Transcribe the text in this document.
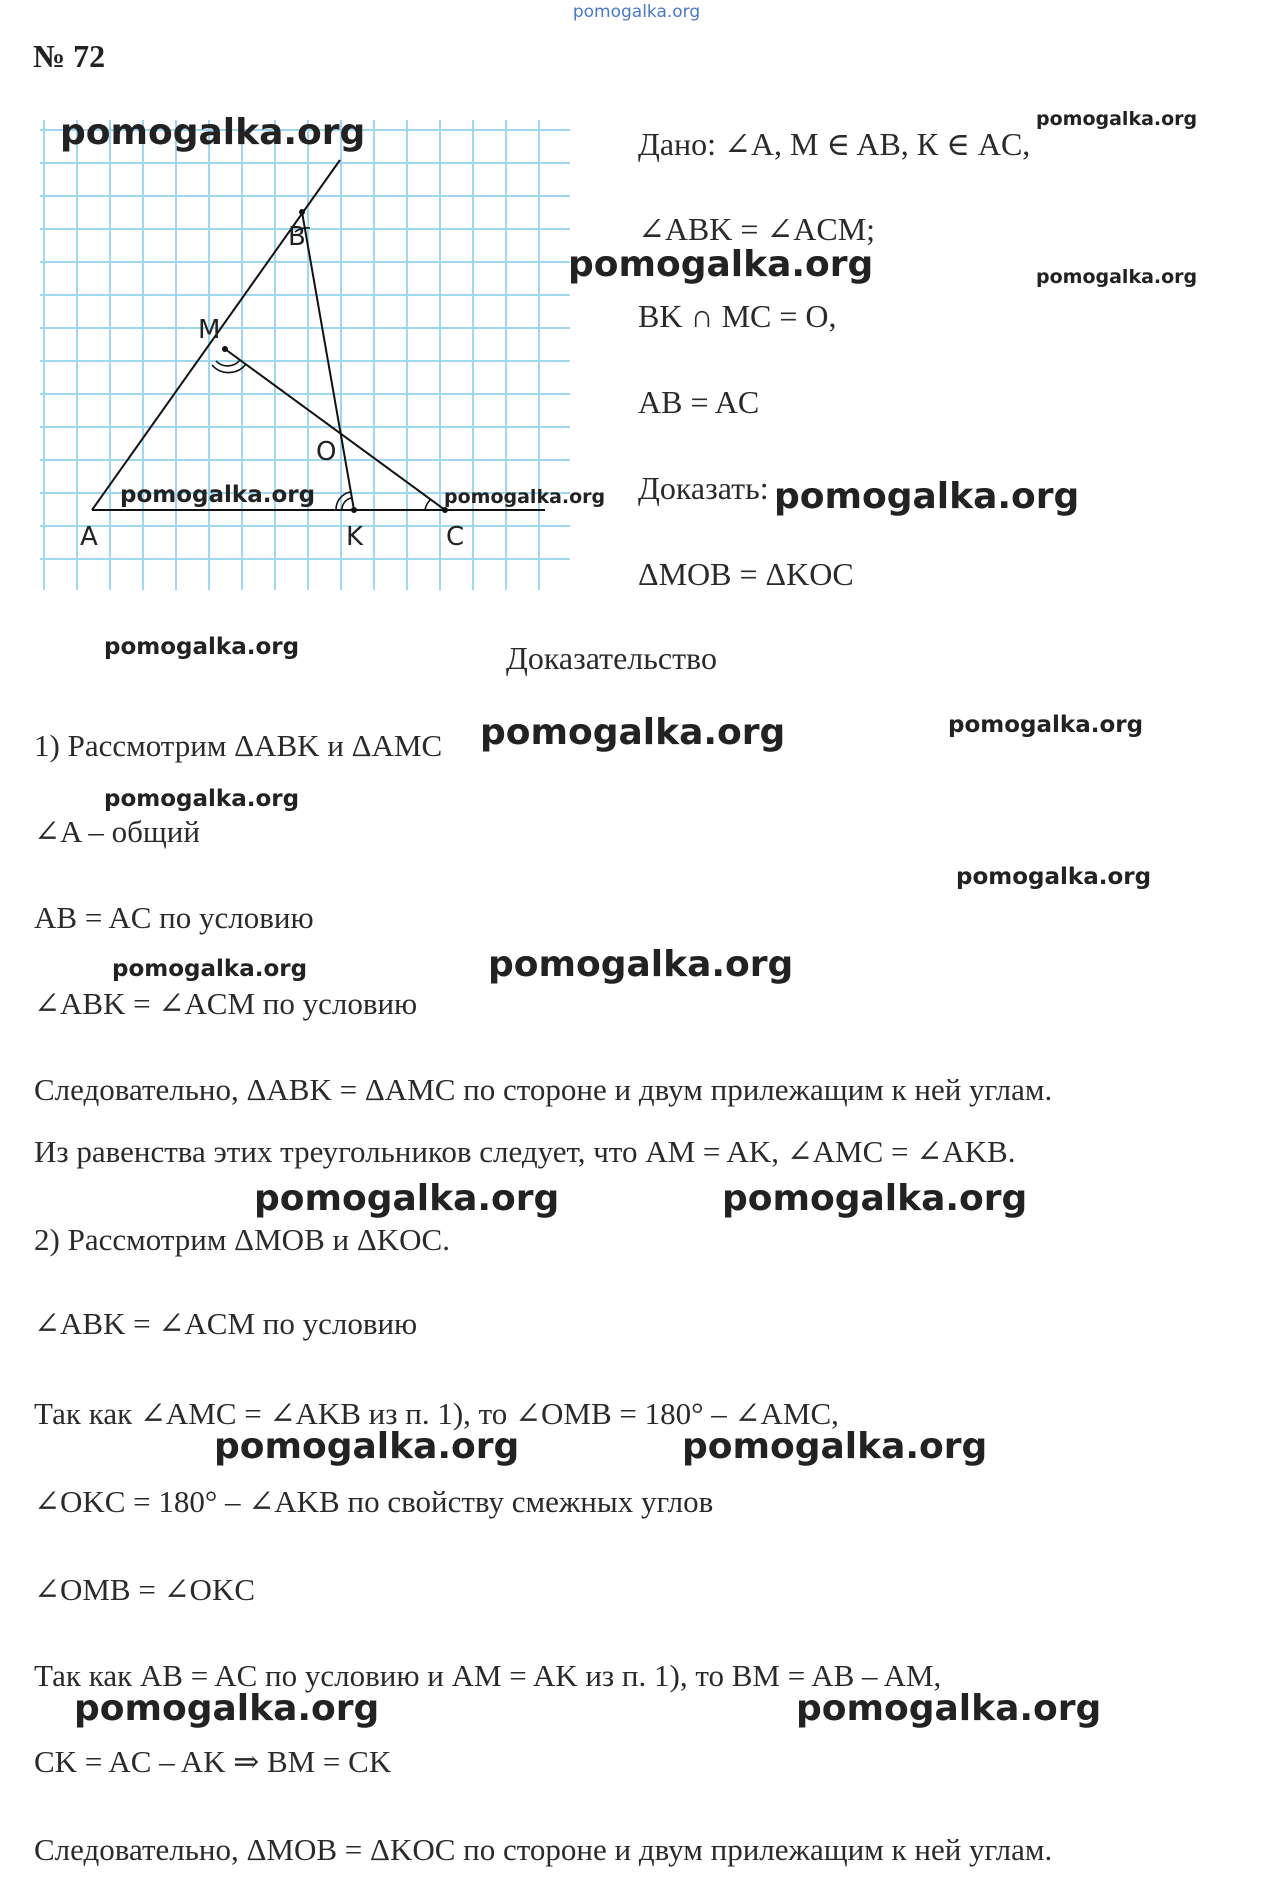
pomogalka.org
№ 72
B
M
O
A	K	C
Дано: ∠A, M ∈ AB, К ∈ AC,
∠ABK = ∠ACM;
BK ∩ MC = O,
AB = AC
Доказать:
ΔMOB = ΔKOC
Доказательство
1) Рассмотрим ΔABK и ΔAMC
∠A – общий
AB = AC по условию
∠ABK = ∠ACM по условию
Следовательно, ΔABK = ΔAMC по стороне и двум прилежащим к ней углам.
Из равенства этих треугольников следует, что AM = AK, ∠AMC = ∠AKB.
2) Рассмотрим ΔMOB и ΔKOC.
∠ABK = ∠ACM по условию
Так как ∠AMC = ∠AKB из п. 1), то ∠OMB = 180° – ∠AMC,
∠OKC = 180° – ∠AKB по свойству смежных углов
∠OMB = ∠OKC
Так как AB = AC по условию и AM = AK из п. 1), то BM = AB – AM,
CK = AC – AK ⇒ BM = CK
Следовательно, ΔMOB = ΔKOC по стороне и двум прилежащим к ней углам.
pomogalka.org
pomogalka.org	pomogalka.org
pomogalka.org
pomogalka.org	pomogalka.org
pomogalka.org
pomogalka.org
pomogalka.org	pomogalka.org
pomogalka.org
pomogalka.org
pomogalka.org	pomogalka.org
pomogalka.org	pomogalka.org
pomogalka.org	pomogalka.org
pomogalka.org	pomogalka.org
